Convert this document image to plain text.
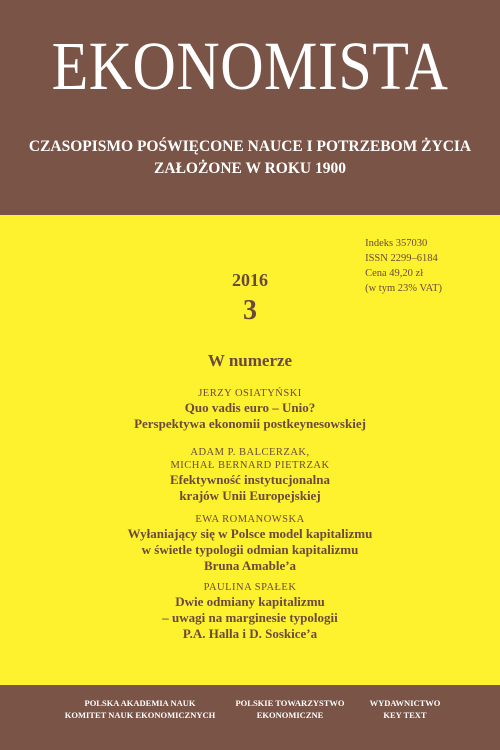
EKONOMISTA
CZASOPISMO POŚWIĘCONE NAUCE I POTRZEBOM ŻYCIA
ZAŁOŻONE W ROKU 1900
Indeks 357030
ISSN 2299–6184
Cena 49,20 zł
(w tym 23% VAT)
2016
3
W numerze
JERZY OSIATYŃSKI
Quo vadis euro – Unio?
Perspektywa ekonomii postkeynesowskiej
ADAM P. BALCERZAK,
MICHAŁ BERNARD PIETRZAK
Efektywność instytucjonalna
krajów Unii Europejskiej
EWA ROMANOWSKA
Wyłaniający się w Polsce model kapitalizmu
w świetle typologii odmian kapitalizmu
Bruna Amable’a
PAULINA SPAŁEK
Dwie odmiany kapitalizmu
– uwagi na marginesie typologii
P.A. Halla i D. Soskice’a
POLSKA AKADEMIA NAUK
KOMITET NAUK EKONOMICZNYCH
POLSKIE TOWARZYSTWO
EKONOMICZNE
WYDAWNICTWO
KEY TEXT
